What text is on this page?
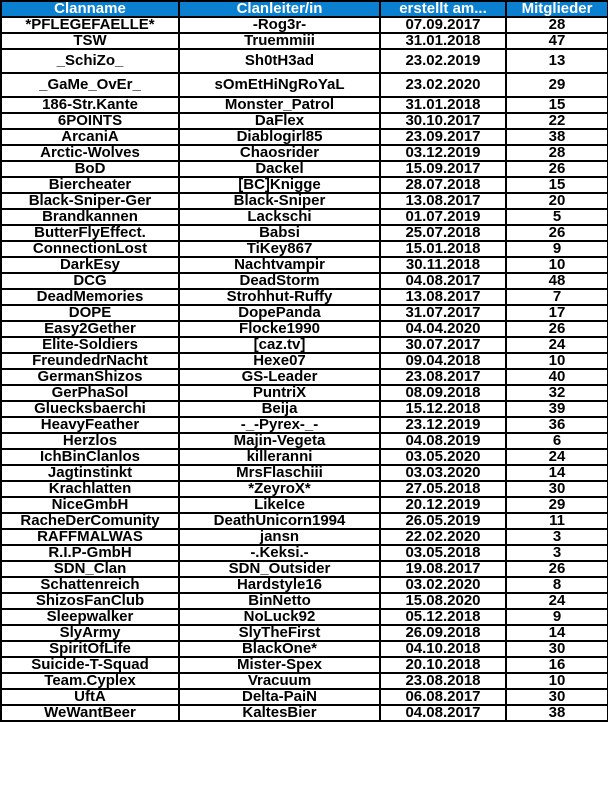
Clanname	Clanleiter/in	erstellt am...	Mitglieder
*PFLEGEFAELLE*	-Rog3r-	07.09.2017	28
TSW	Truemmiii	31.01.2018	47
_SchiZo_	Sh0tH3ad	23.02.2019	13
_GaMe_OvEr_	sOmEtHiNgRoYaL	23.02.2020	29
186-Str.Kante	Monster_Patrol	31.01.2018	15
6POINTS	DaFlex	30.10.2017	22
ArcaniA	Diablogirl85	23.09.2017	38
Arctic-Wolves	Chaosrider	03.12.2019	28
BoD	Dackel	15.09.2017	26
Biercheater	[BC]Knigge	28.07.2018	15
Black-Sniper-Ger	Black-Sniper	13.08.2017	20
Brandkannen	Lackschi	01.07.2019	5
ButterFlyEffect.	Babsi	25.07.2018	26
ConnectionLost	TiKey867	15.01.2018	9
DarkEsy	Nachtvampir	30.11.2018	10
DCG	DeadStorm	04.08.2017	48
DeadMemories	Strohhut-Ruffy	13.08.2017	7
DOPE	DopePanda	31.07.2017	17
Easy2Gether	Flocke1990	04.04.2020	26
Elite-Soldiers	[caz.tv]	30.07.2017	24
FreundedrNacht	Hexe07	09.04.2018	10
GermanShizos	GS-Leader	23.08.2017	40
GerPhaSol	PuntriX	08.09.2018	32
Gluecksbaerchi	Beija	15.12.2018	39
HeavyFeather	-_-Pyrex-_-	23.12.2019	36
Herzlos	Majin-Vegeta	04.08.2019	6
IchBinClanlos	killeranni	03.05.2020	24
Jagtinstinkt	MrsFlaschiii	03.03.2020	14
Krachlatten	*ZeyroX*	27.05.2018	30
NiceGmbH	LikeIce	20.12.2019	29
RacheDerComunity	DeathUnicorn1994	26.05.2019	11
RAFFMALWAS	jansn	22.02.2020	3
R.I.P-GmbH	-.Keksi.-	03.05.2018	3
SDN_Clan	SDN_Outsider	19.08.2017	26
Schattenreich	Hardstyle16	03.02.2020	8
ShizosFanClub	BinNetto	15.08.2020	24
Sleepwalker	NoLuck92	05.12.2018	9
SlyArmy	SlyTheFirst	26.09.2018	14
SpiritOfLife	BlackOne*	04.10.2018	30
Suicide-T-Squad	Mister-Spex	20.10.2018	16
Team.Cyplex	Vracuum	23.08.2018	10
UftA	Delta-PaiN	06.08.2017	30
WeWantBeer	KaltesBier	04.08.2017	38
